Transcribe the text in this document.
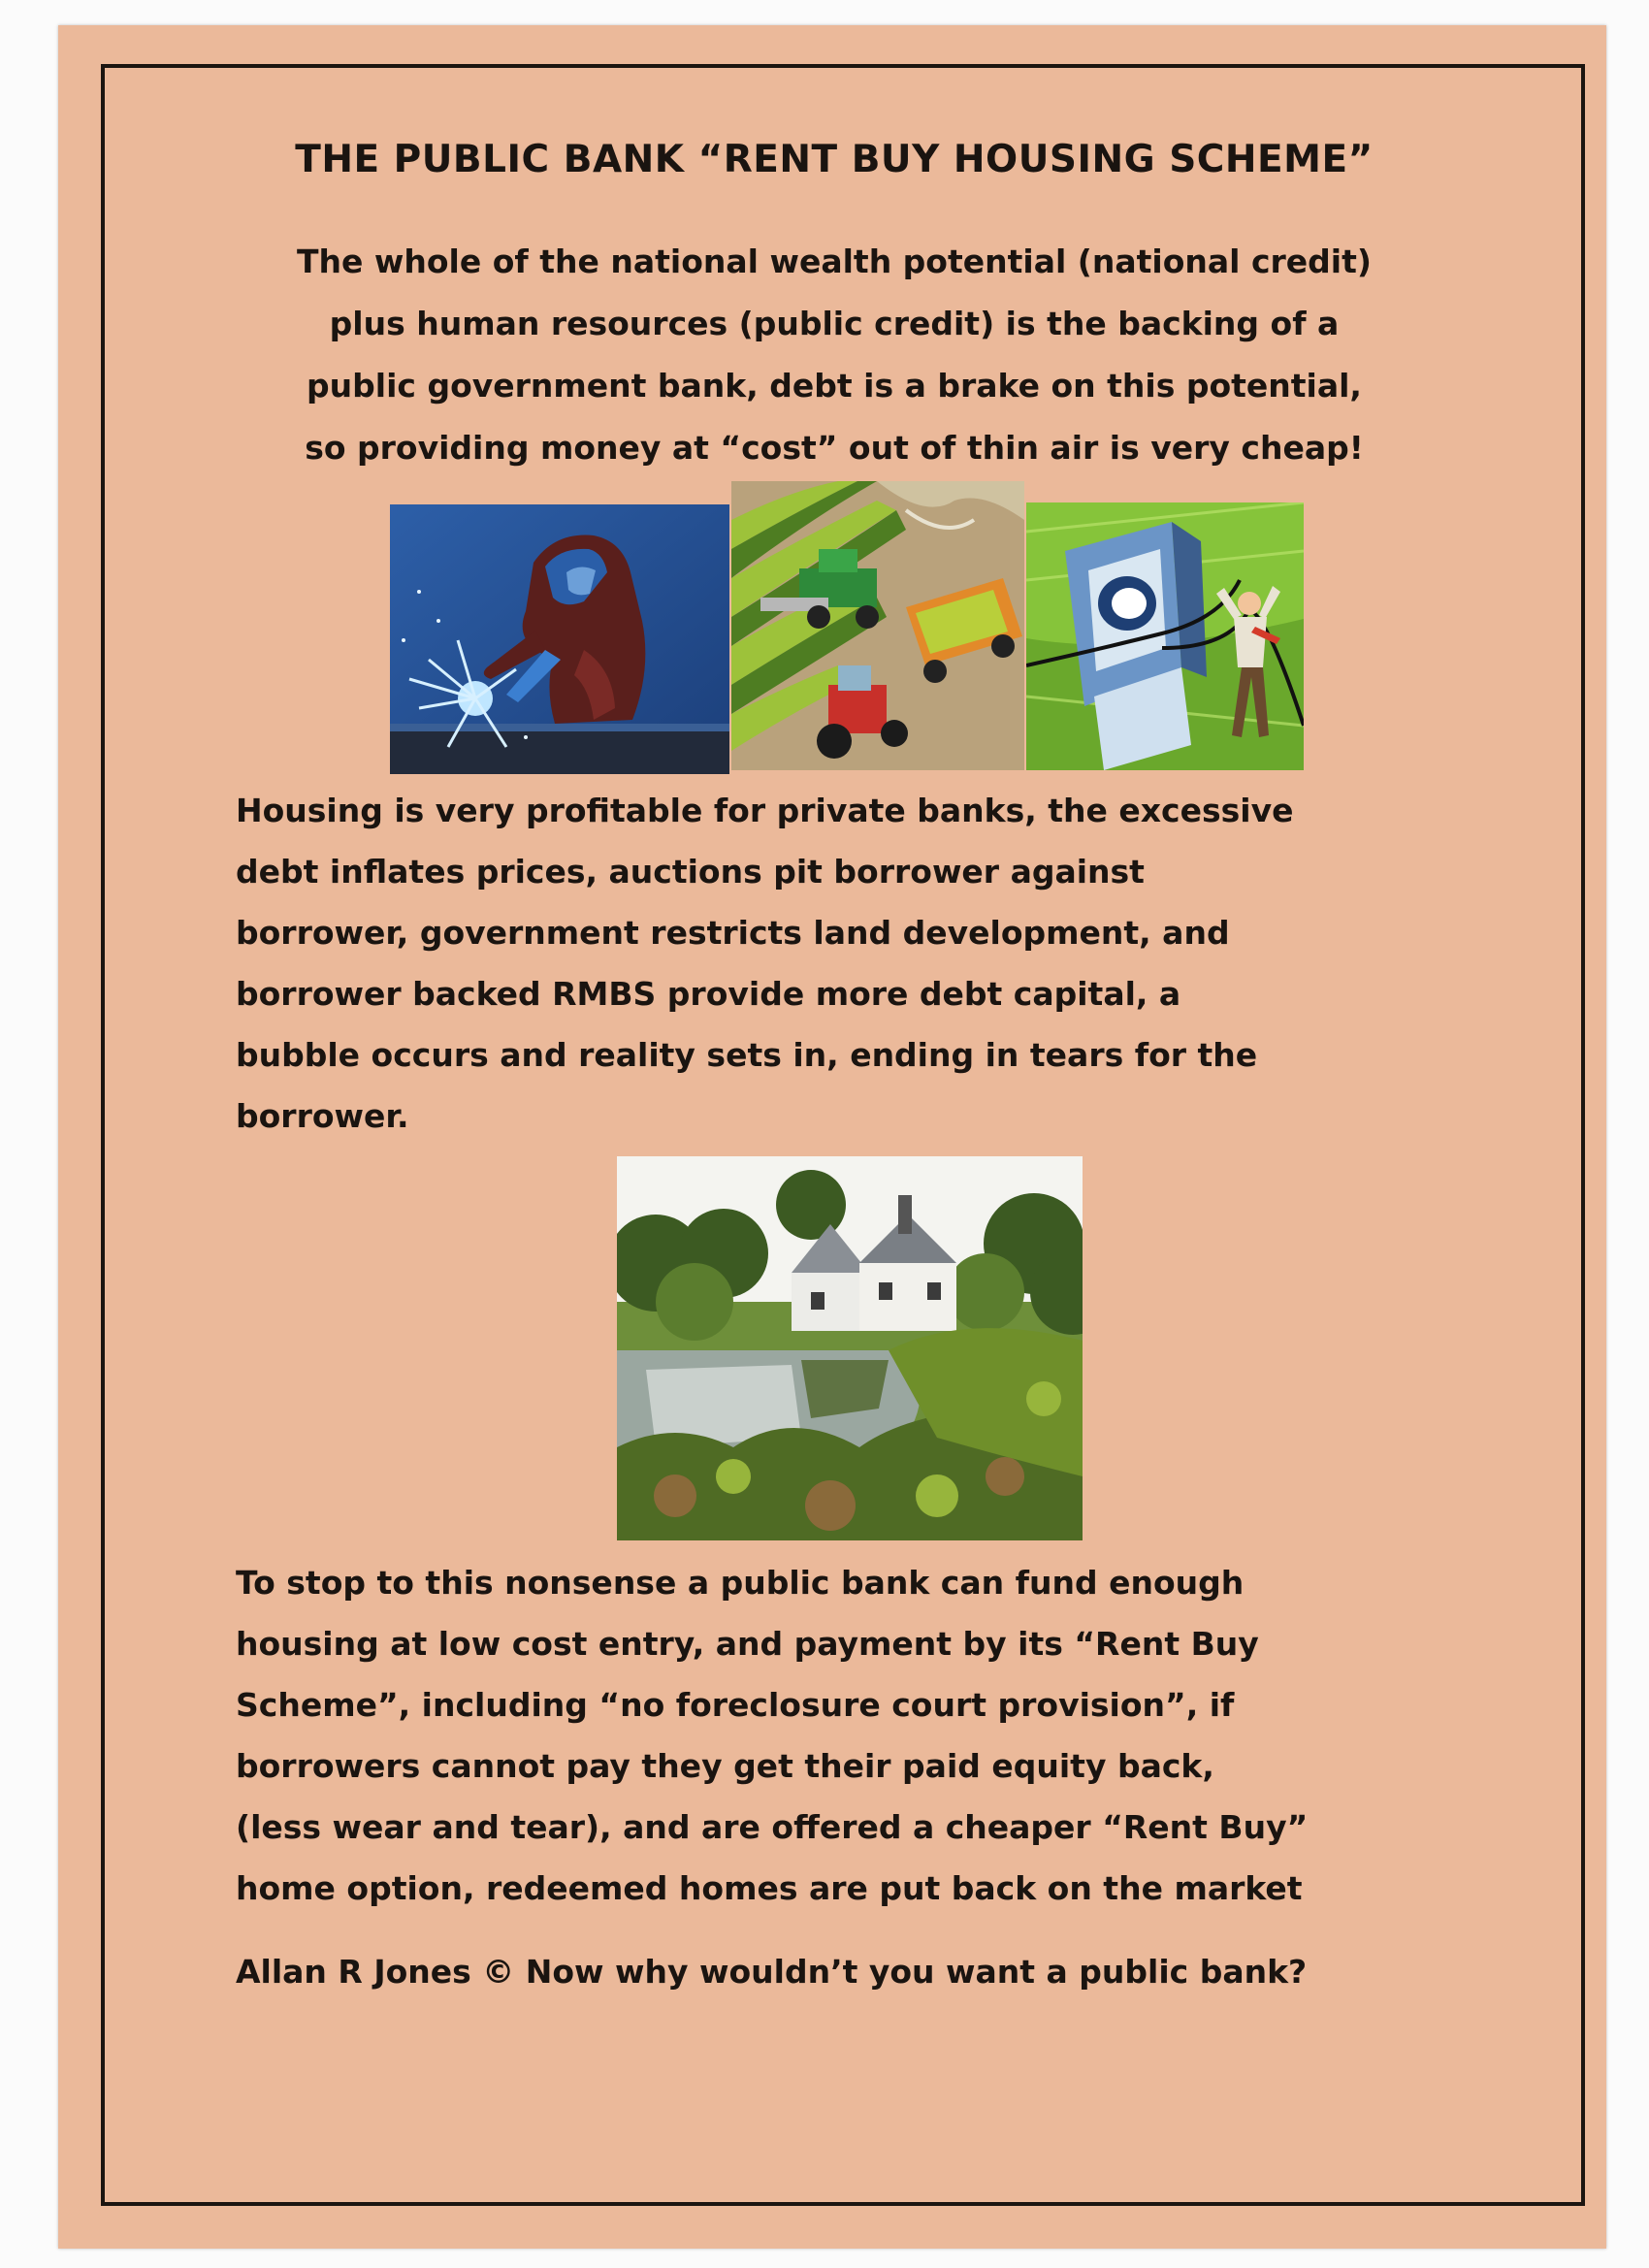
THE PUBLIC BANK “RENT BUY HOUSING SCHEME”

The whole of the national wealth potential (national credit)
plus human resources (public credit) is the backing of a
public government bank, debt is a brake on this potential,
so providing money at “cost” out of thin air is very cheap!

Housing is very profitable for private banks, the excessive
debt inflates prices, auctions pit borrower against
borrower, government restricts land development, and
borrower backed RMBS provide more debt capital, a
bubble occurs and reality sets in, ending in tears for the
borrower.

To stop to this nonsense a public bank can fund enough
housing at low cost entry, and payment by its “Rent Buy
Scheme”, including “no foreclosure court provision”, if
borrowers cannot pay they get their paid equity back,
(less wear and tear), and are offered a cheaper “Rent Buy”
home option, redeemed homes are put back on the market

Allan R Jones © Now why wouldn’t you want a public bank?
